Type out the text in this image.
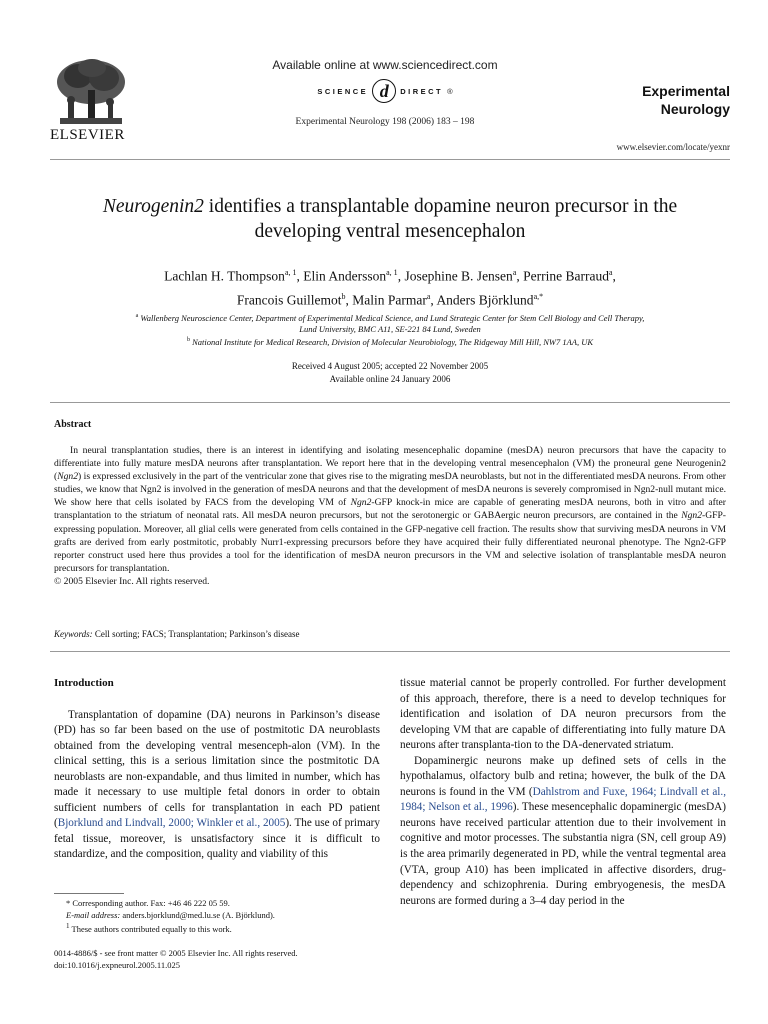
ELSEVIER
Available online at www.sciencedirect.com
SCIENCE d	DIRECT ®
Experimental Neurology 198 (2006) 183 – 198
Experimental
Neurology
www.elsevier.com/locate/yexnr
Neurogenin2 identifies a transplantable dopamine neuron precursor in the
developing ventral mesencephalon
Lachlan H. Thompson$^{a, 1}$, Elin Andersson$^{a, 1}$, Josephine B. Jensen$^a$, Perrine Barraud$^a$,
Francois Guillemot$^b$, Malin Parmar$^a$, Anders Björklund$^{a,*}$
$^a$ Wallenberg Neuroscience Center, Department of Experimental Medical Science, and Lund Strategic Center for Stem Cell Biology and Cell Therapy,
Lund University, BMC A11, SE-221 84 Lund, Sweden
$^b$ National Institute for Medical Research, Division of Molecular Neurobiology, The Ridgeway Mill Hill, NW7 1AA, UK
Received 4 August 2005; accepted 22 November 2005
Available online 24 January 2006
Abstract

In neural transplantation studies, there is an interest in identifying and isolating mesencephalic dopamine (mesDA) neuron precursors that have the capacity to differentiate into fully mature mesDA neurons after transplantation. We report here that in the developing ventral mesencephalon (VM) the proneural gene Neurogenin2 (Ngn2) is expressed exclusively in the part of the ventricular zone that gives rise to the migrating mesDA neuroblasts, but not in the differentiated mesDA neurons. From other studies, we know that Ngn2 is involved in the generation of mesDA neurons and that the development of mesDA neurons is severely compromised in Ngn2-null mutant mice. We show here that cells isolated by FACS from the developing VM of Ngn2-GFP knock-in mice are capable of generating mesDA neurons, both in vitro and after transplantation to the striatum of neonatal rats. All mesDA neuron precursors, but not the serotonergic or GABAergic neuron precursors, are contained in the Ngn2-GFP-expressing population. Moreover, all glial cells were generated from cells contained in the GFP-negative cell fraction. The results show that surviving mesDA neurons in VM grafts are derived from early postmitotic, probably Nurr1-expressing precursors before they have acquired their fully differentiated neuronal phenotype. The Ngn2-GFP reporter construct used here thus provides a tool for the identification of mesDA neuron precursors in the VM and selective isolation of transplantable mesDA neuron precursors for transplantation.

© 2005 Elsevier Inc. All rights reserved.

Keywords: Cell sorting; FACS; Transplantation; Parkinson’s disease
Introduction

Transplantation of dopamine (DA) neurons in Parkinson’s disease (PD) has so far been based on the use of postmitotic DA neuroblasts obtained from the developing ventral mesenceph-alon (VM). In the clinical setting, this is a serious limitation since the postmitotic DA neuroblasts are non-expandable, and thus limited in number, which has made it necessary to use multiple fetal donors in order to obtain sufficient numbers of cells for transplantation in each PD patient (Bjorklund and Lindvall, 2000; Winkler et al., 2005). The use of primary fetal tissue, moreover, is unsatisfactory since it is difficult to standardize, and the composition, quality and viability of this

* Corresponding author. Fax: +46 46 222 05 59.
E-mail address: anders.bjorklund@med.lu.se (A. Björklund).
$^1$ These authors contributed equally to this work.
0014-4886/$ - see front matter © 2005 Elsevier Inc. All rights reserved.
doi:10.1016/j.expneurol.2005.11.025

tissue material cannot be properly controlled. For further development of this approach, therefore, there is a need to develop techniques for identification and isolation of DA neuron precursors from the developing VM that are capable of differentiating into fully mature DA neurons after transplanta-tion to the DA-denervated striatum.

Dopaminergic neurons make up defined sets of cells in the hypothalamus, olfactory bulb and retina; however, the bulk of the DA neurons is found in the VM (Dahlstrom and Fuxe, 1964; Lindvall et al., 1984; Nelson et al., 1996). These mesencephalic dopaminergic (mesDA) neurons have received particular attention due to their involvement in cognitive and motor processes. The substantia nigra (SN, cell group A9) is the area primarily degenerated in PD, while the ventral tegmental area (VTA, group A10) has been implicated in affective disorders, drug-dependency and schizophrenia. During embryogenesis, the mesDA neurons are formed during a 3–4 day period in the
